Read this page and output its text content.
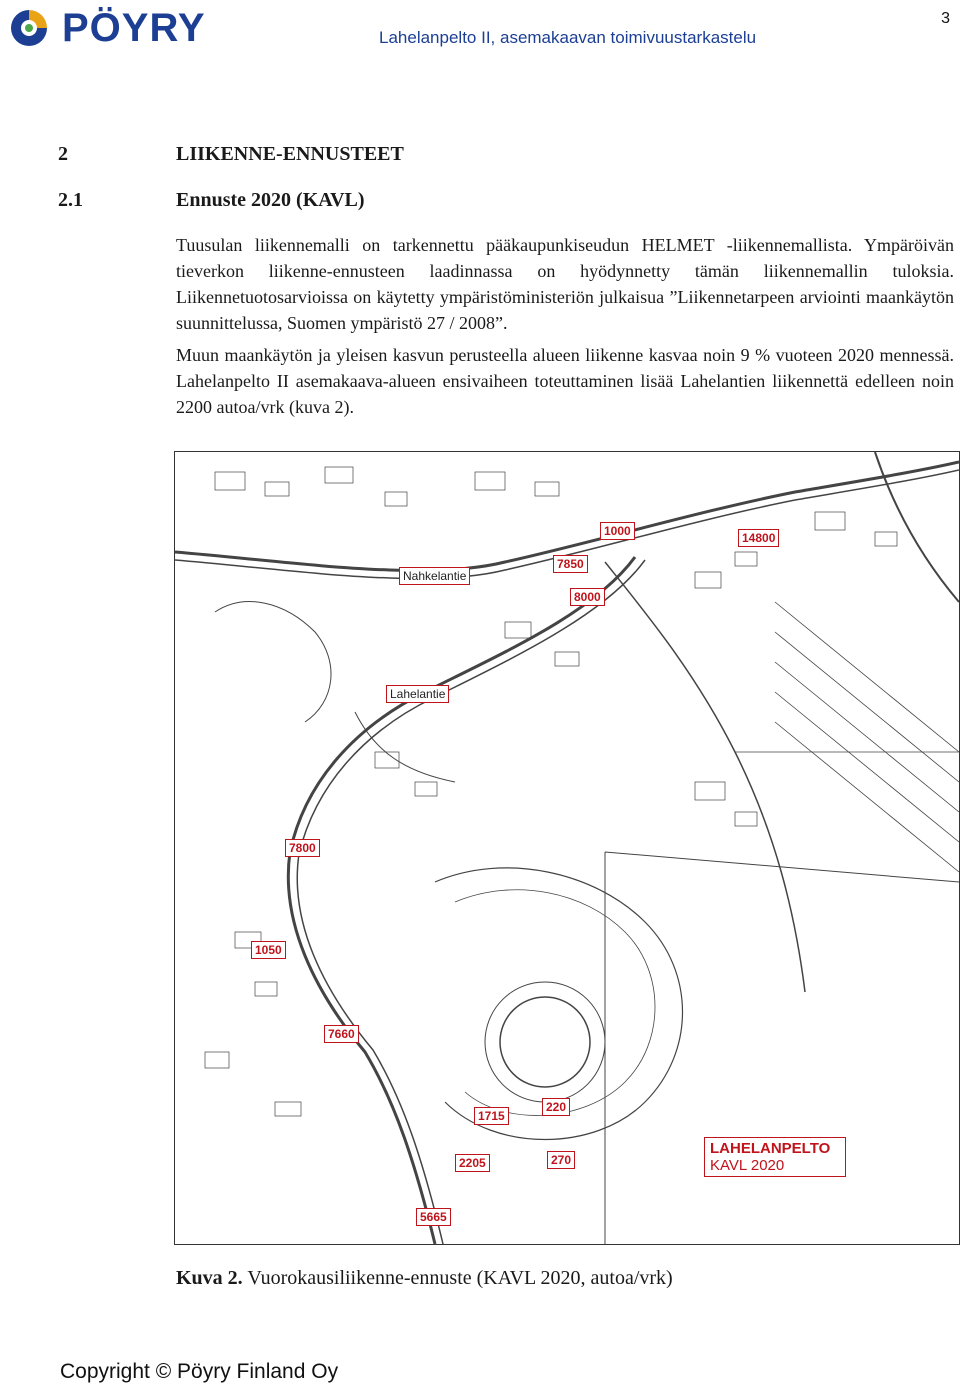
PÖYRY	Lahelanpelto II, asemakaavan toimivuustarkastelu
3
2	LIIKENNE-ENNUSTEET
2.1	Ennuste 2020 (KAVL)

Tuusulan liikennemalli on tarkennettu pääkaupunkiseudun HELMET -liikennemallista. Ympäröivän tieverkon liikenne-ennusteen laadinnassa on hyödynnetty tämän liikennemallin tuloksia. Liikennetuotosarvioissa on käytetty ympäristöministeriön julkaisua ”Liikennetarpeen arviointi maankäytön suunnittelussa, Suomen ympäristö 27 / 2008”.

Muun maankäytön ja yleisen kasvun perusteella alueen liikenne kasvaa noin 9 % vuoteen 2020 mennessä. Lahelanpelto II asemakaava-alueen ensivaiheen toteuttaminen lisää Lahelantien liikennettä edelleen noin 2200 autoa/vrk (kuva 2).

1000	14800
Nahkelantie
7850
8000
Lahelantie
7800
1050
7660
1715
220
2205	270
5665
LAHELANPELTO
KAVL 2020
Kuva 2. Vuorokausiliikenne-ennuste (KAVL 2020, autoa/vrk)
Copyright © Pöyry Finland Oy
